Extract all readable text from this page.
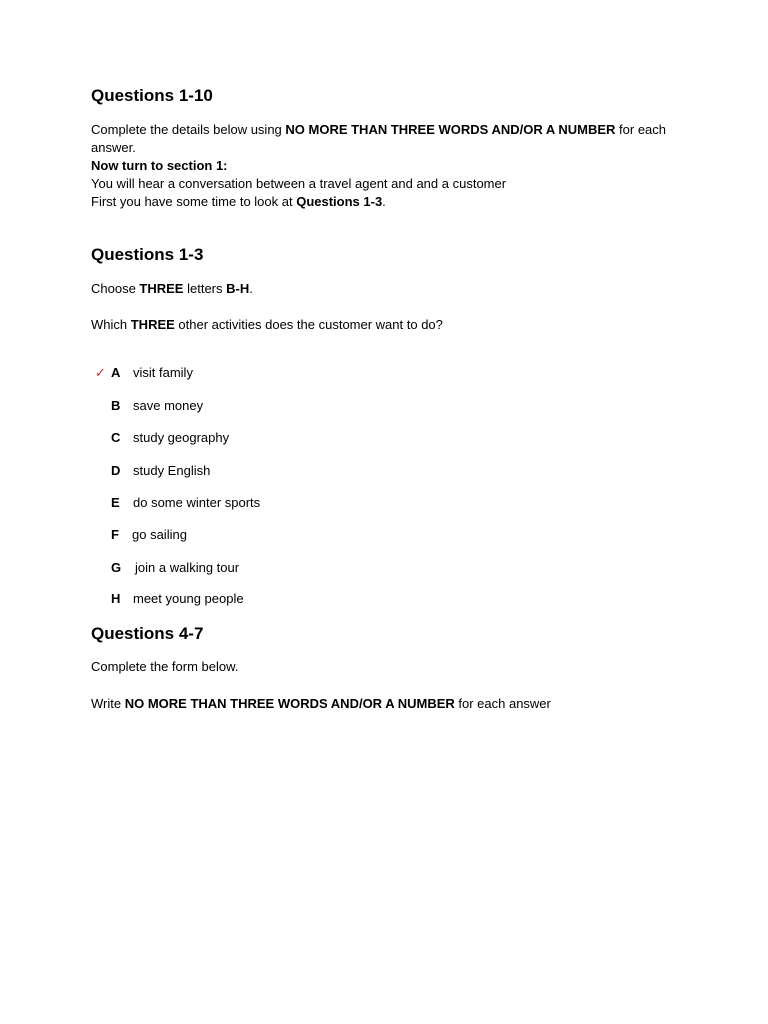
Questions 1-10

Complete the details below using NO MORE THAN THREE WORDS AND/OR A NUMBER for each answer.

Now turn to section 1:

You will hear a conversation between a travel agent and and a customer

First you have some time to look at Questions 1-3.

Questions 1-3

Choose THREE letters B-H.

Which THREE other activities does the customer want to do?

✓ A visit family
B save money
C study geography
D study English
E do some winter sports
F go sailing
G join a walking tour
H meet young people
Questions 4-7

Complete the form below.

Write NO MORE THAN THREE WORDS AND/OR A NUMBER for each answer
